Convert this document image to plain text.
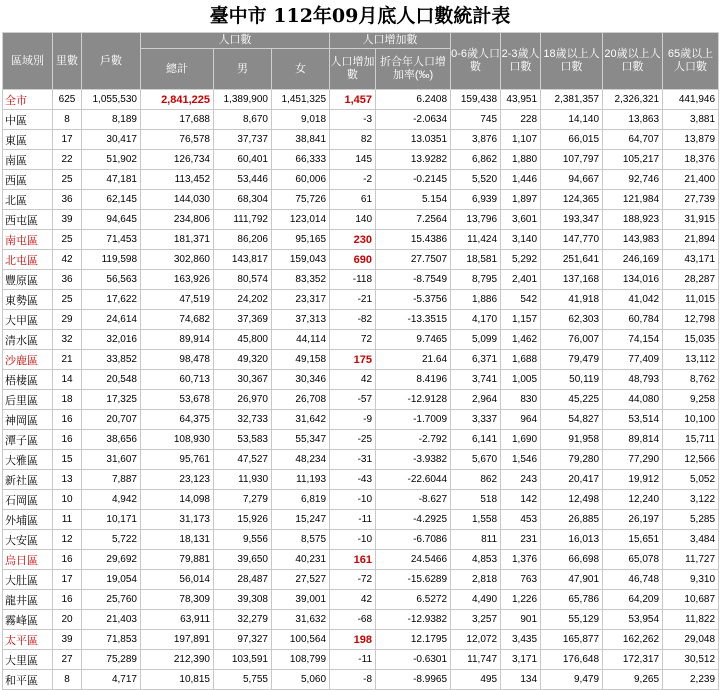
臺中市 112年09月底人口數統計表
區域別	里數	戶數	人口數			人口增加數		0-6歲人口數	2-3歲人口數	18歲以上人口數	20歲以上人口數	65歲以上人口數
			總計	男	女	人口增加數	折合年人口增加率(‰)					
全市	625	1,055,530	2,841,225	1,389,900	1,451,325	1,457	6.2408	159,438	43,951	2,381,357	2,326,321	441,946
中區	8	8,189	17,688	8,670	9,018	-3	-2.0634	745	228	14,140	13,863	3,881
東區	17	30,417	76,578	37,737	38,841	82	13.0351	3,876	1,107	66,015	64,707	13,879
南區	22	51,902	126,734	60,401	66,333	145	13.9282	6,862	1,880	107,797	105,217	18,376
西區	25	47,181	113,452	53,446	60,006	-2	-0.2145	5,520	1,446	94,667	92,746	21,400
北區	36	62,145	144,030	68,304	75,726	61	5.154	6,939	1,897	124,365	121,984	27,739
西屯區	39	94,645	234,806	111,792	123,014	140	7.2564	13,796	3,601	193,347	188,923	31,915
南屯區	25	71,453	181,371	86,206	95,165	230	15.4386	11,424	3,140	147,770	143,983	21,894
北屯區	42	119,598	302,860	143,817	159,043	690	27.7507	18,581	5,292	251,641	246,169	43,171
豐原區	36	56,563	163,926	80,574	83,352	-118	-8.7549	8,795	2,401	137,168	134,016	28,287
東勢區	25	17,622	47,519	24,202	23,317	-21	-5.3756	1,886	542	41,918	41,042	11,015
大甲區	29	24,614	74,682	37,369	37,313	-82	-13.3515	4,170	1,157	62,303	60,784	12,798
清水區	32	32,016	89,914	45,800	44,114	72	9.7465	5,099	1,462	76,007	74,154	15,035
沙鹿區	21	33,852	98,478	49,320	49,158	175	21.64	6,371	1,688	79,479	77,409	13,112
梧棲區	14	20,548	60,713	30,367	30,346	42	8.4196	3,741	1,005	50,119	48,793	8,762
后里區	18	17,325	53,678	26,970	26,708	-57	-12.9128	2,964	830	45,225	44,080	9,258
神岡區	16	20,707	64,375	32,733	31,642	-9	-1.7009	3,337	964	54,827	53,514	10,100
潭子區	16	38,656	108,930	53,583	55,347	-25	-2.792	6,141	1,690	91,958	89,814	15,711
大雅區	15	31,607	95,761	47,527	48,234	-31	-3.9382	5,670	1,546	79,280	77,290	12,566
新社區	13	7,887	23,123	11,930	11,193	-43	-22.6044	862	243	20,417	19,912	5,052
石岡區	10	4,942	14,098	7,279	6,819	-10	-8.627	518	142	12,498	12,240	3,122
外埔區	11	10,171	31,173	15,926	15,247	-11	-4.2925	1,558	453	26,885	26,197	5,285
大安區	12	5,722	18,131	9,556	8,575	-10	-6.7086	811	231	16,013	15,651	3,484
烏日區	16	29,692	79,881	39,650	40,231	161	24.5466	4,853	1,376	66,698	65,078	11,727
大肚區	17	19,054	56,014	28,487	27,527	-72	-15.6289	2,818	763	47,901	46,748	9,310
龍井區	16	25,760	78,309	39,308	39,001	42	6.5272	4,490	1,226	65,786	64,209	10,687
霧峰區	20	21,403	63,911	32,279	31,632	-68	-12.9382	3,257	901	55,129	53,954	11,822
太平區	39	71,853	197,891	97,327	100,564	198	12.1795	12,072	3,435	165,877	162,262	29,048
大里區	27	75,289	212,390	103,591	108,799	-11	-0.6301	11,747	3,171	176,648	172,317	30,512
和平區	8	4,717	10,815	5,755	5,060	-8	-8.9965	495	134	9,479	9,265	2,239
